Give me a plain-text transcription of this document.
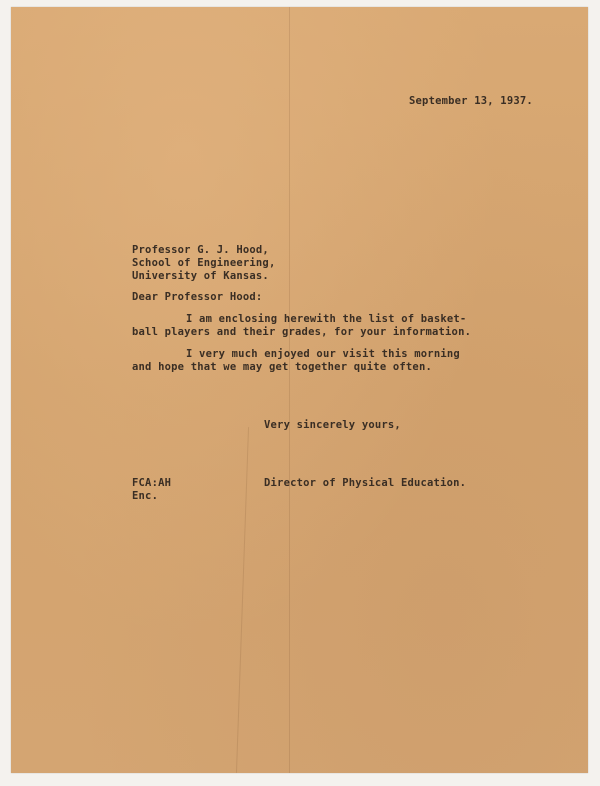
September 13, 1937.
Professor G. J. Hood,
School of Engineering,
University of Kansas.
Dear Professor Hood:
I am enclosing herewith the list of basket-
ball players and their grades, for your information.
I very much enjoyed our visit this morning
and hope that we may get together quite often.
Very sincerely yours,
FCA:AH	Director of Physical Education.
Enc.
